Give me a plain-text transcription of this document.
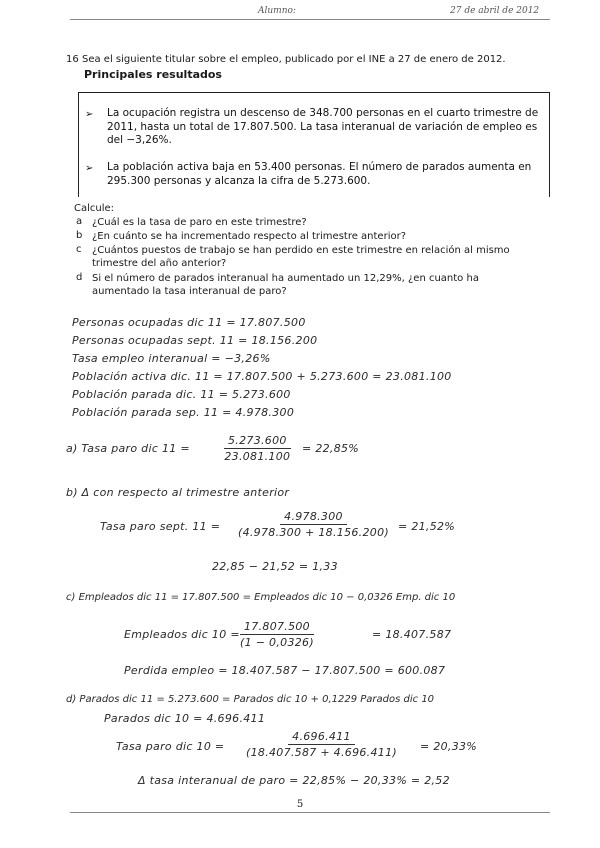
Alumno:	27 de abril de 2012
16 Sea el siguiente titular sobre el empleo, publicado por el INE a 27 de enero de 2012.
Principales resultados
➢ La ocupación registra un descenso de 348.700 personas en el cuarto trimestre de 2011, hasta un total de 17.807.500. La tasa interanual de variación de empleo es del −3,26%.
➢ La población activa baja en 53.400 personas. El número de parados aumenta en 295.300 personas y alcanza la cifra de 5.273.600.
Calcule:
a ¿Cuál es la tasa de paro en este trimestre?
b ¿En cuánto se ha incrementado respecto al trimestre anterior?
c ¿Cuántos puestos de trabajo se han perdido en este trimestre en relación al mismo trimestre del año anterior?
d Si el número de parados interanual ha aumentado un 12,29%, ¿en cuanto ha aumentado la tasa interanual de paro?
Personas ocupadas dic 11 = 17.807.500
Personas ocupadas sept. 11 = 18.156.200
Tasa empleo interanual = −3,26%
Población activa dic. 11 = 17.807.500 + 5.273.600 = 23.081.100
Población parada dic. 11 = 5.273.600
Población parada sep. 11 = 4.978.300
a) Tasa paro dic 11 =	$\frac{5.273.600}{23.081.100} = 22,85\%$
b) Δ con respecto al trimestre anterior
Tasa paro sept. $11 = \frac{4.978.300}{(4.978.300 + 18.156.200)} = 21,52\%$
22,85 − 21,52 = 1,33
c) Empleados dic 11 = 17.807.500 = Empleados dic 10 − 0,0326 Emp. dic 10
Empleados dic $10 = \frac{17.807.500}{(1 - 0,0326)}$	= 18.407.587
Perdida empleo = 18.407.587 − 17.807.500 = 600.087
d) Parados dic 11 = 5.273.600 = Parados dic 10 + 0,1229 Parados dic 10
Parados dic 10 = 4.696.411
Tasa paro dic $10 = \frac{4.696.411}{(18.407.587 + 4.696.411)} = 20,33\%$
Δ tasa interanual de paro = 22,85% − 20,33% = 2,52
5
